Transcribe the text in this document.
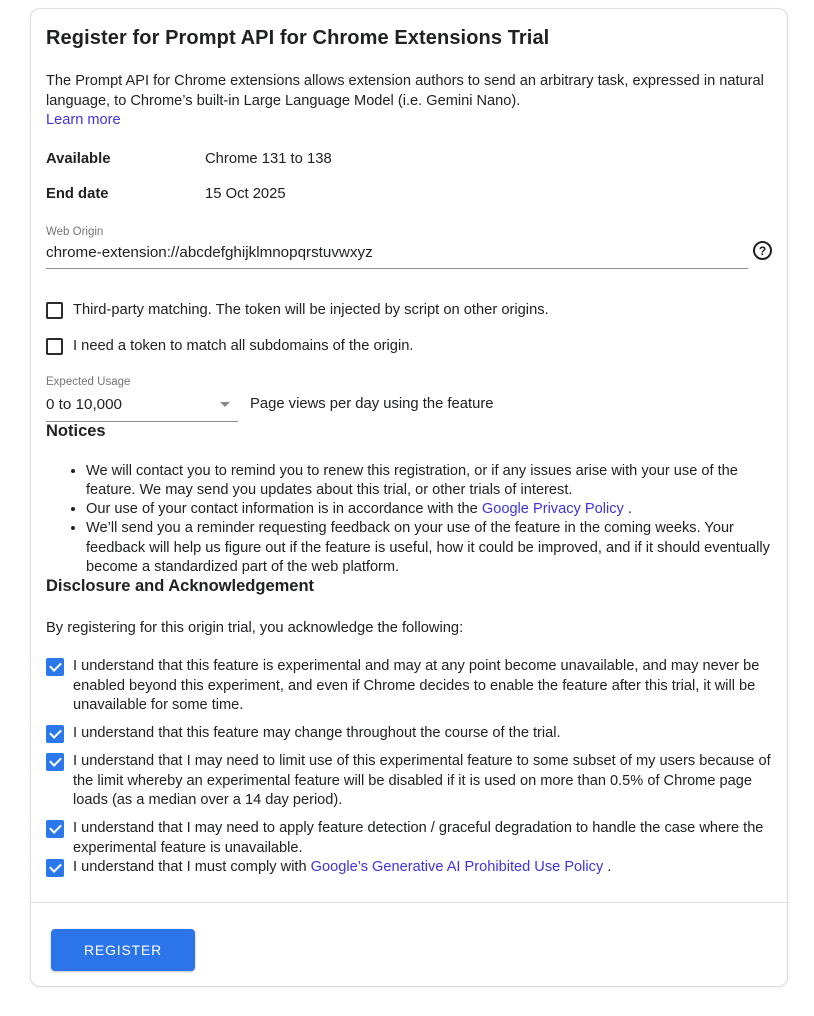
Register for Prompt API for Chrome Extensions Trial
The Prompt API for Chrome extensions allows extension authors to send an arbitrary task, expressed in natural language, to Chrome’s built-in Large Language Model (i.e. Gemini Nano).
Learn more
Available	Chrome 131 to 138
End date	15 Oct 2025
Web Origin
chrome-extension://abcdefghijklmnopqrstuvwxyz
?
Third-party matching. The token will be injected by script on other origins.
I need a token to match all subdomains of the origin.
Expected Usage
0 to 10,000	Page views per day using the feature
Notices
• We will contact you to remind you to renew this registration, or if any issues arise with your use of the feature. We may send you updates about this trial, or other trials of interest.
• Our use of your contact information is in accordance with the Google Privacy Policy .
• We’ll send you a reminder requesting feedback on your use of the feature in the coming weeks. Your feedback will help us figure out if the feature is useful, how it could be improved, and if it should eventually become a standardized part of the web platform.
Disclosure and Acknowledgement
By registering for this origin trial, you acknowledge the following:
I understand that this feature is experimental and may at any point become unavailable, and may never be enabled beyond this experiment, and even if Chrome decides to enable the feature after this trial, it will be unavailable for some time.
I understand that this feature may change throughout the course of the trial.
I understand that I may need to limit use of this experimental feature to some subset of my users because of the limit whereby an experimental feature will be disabled if it is used on more than 0.5% of Chrome page loads (as a median over a 14 day period).
I understand that I may need to apply feature detection / graceful degradation to handle the case where the experimental feature is unavailable.
I understand that I must comply with Google’s Generative AI Prohibited Use Policy .
REGISTER
